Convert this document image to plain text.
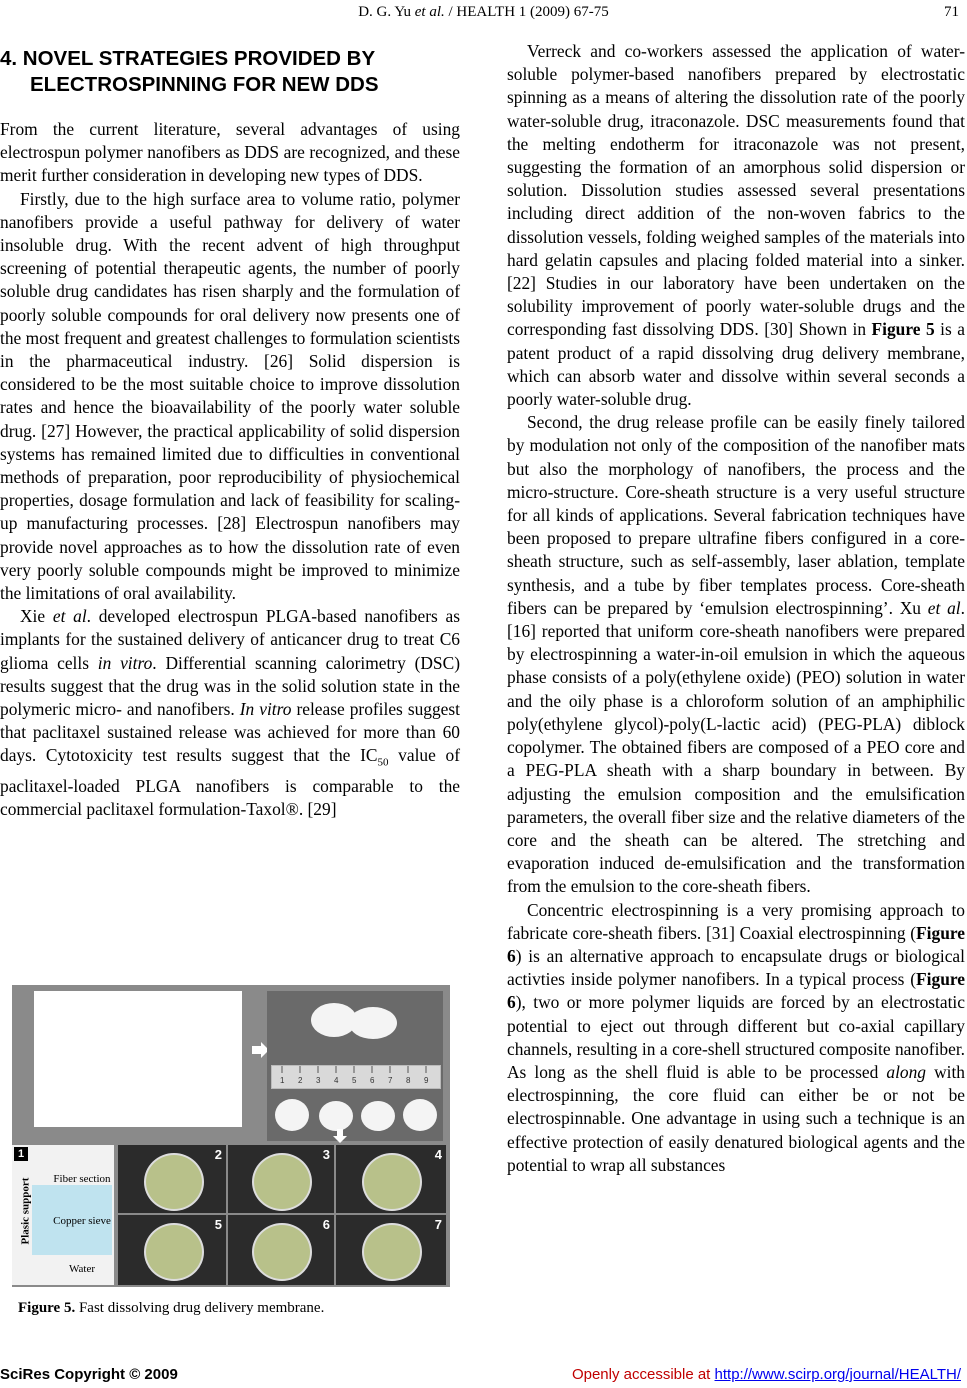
D. G. Yu et al. / HEALTH 1 (2009) 67-75	71
4. NOVEL STRATEGIES PROVIDED BY
ELECTROSPINNING FOR NEW DDS

From the current literature, several advantages of using electrospun polymer nanofibers as DDS are recognized, and these merit further consideration in developing new types of DDS.

Firstly, due to the high surface area to volume ratio, polymer nanofibers provide a useful pathway for delivery of water insoluble drug. With the recent advent of high throughput screening of potential therapeutic agents, the number of poorly soluble drug candidates has risen sharply and the formulation of poorly soluble compounds for oral delivery now presents one of the most frequent and greatest challenges to formulation scientists in the pharmaceutical industry. [26] Solid dispersion is considered to be the most suitable choice to improve dissolution rates and hence the bioavailability of the poorly water soluble drug. [27] However, the practical applicability of solid dispersion systems has remained limited due to difficulties in conventional methods of preparation, poor reproducibility of physiochemical properties, dosage formulation and lack of feasibility for scaling-up manufacturing processes. [28] Electrospun nanofibers may provide novel approaches as to how the dissolution rate of even very poorly soluble compounds might be improved to minimize the limitations of oral availability.

Xie et al. developed electrospun PLGA-based nanofibers as implants for the sustained delivery of anticancer drug to treat C6 glioma cells in vitro. Differential scanning calorimetry (DSC) results suggest that the drug was in the solid solution state in the polymeric micro- and nanofibers. In vitro release profiles suggest that paclitaxel sustained release was achieved for more than 60 days. Cytotoxicity test results suggest that the $IC_{50}$ value of paclitaxel-loaded PLGA nanofibers is comparable to the commercial paclitaxel formulation-Taxol®. [29]

Verreck and co-workers assessed the application of water-soluble polymer-based nanofibers prepared by electrostatic spinning as a means of altering the dissolution rate of the poorly water-soluble drug, itraconazole. DSC measurements found that the melting endotherm for itraconazole was not present, suggesting the formation of an amorphous solid dispersion or solution. Dissolution studies assessed several presentations including direct addition of the non-woven fabrics to the dissolution vessels, folding weighed samples of the materials into hard gelatin capsules and placing folded material into a sinker. [22] Studies in our laboratory have been undertaken on the solubility improvement of poorly water-soluble drugs and the corresponding fast dissolving DDS. [30] Shown in Figure 5 is a patent product of a rapid dissolving drug delivery membrane, which can absorb water and dissolve within several seconds a poorly water-soluble drug.

Second, the drug release profile can be easily finely tailored by modulation not only of the composition of the nanofiber mats but also the morphology of nanofibers, the process and the micro-structure. Core-sheath structure is a very useful structure for all kinds of applications. Several fabrication techniques have been proposed to prepare ultrafine fibers configured in a core-sheath structure, such as self-assembly, laser ablation, template synthesis, and a tube by fiber templates process. Core-sheath fibers can be prepared by ‘emulsion electrospinning’. Xu et al. [16] reported that uniform core-sheath nanofibers were prepared by electrospinning a water-in-oil emulsion in which the aqueous phase consists of a poly(ethylene oxide) (PEO) solution in water and the oily phase is a chloroform solution of an amphiphilic poly(ethylene glycol)-poly(L-lactic acid) (PEG-PLA) diblock copolymer. The obtained fibers are composed of a PEO core and a PEG-PLA sheath with a sharp boundary in between. By adjusting the emulsion composition and the emulsification parameters, the overall fiber size and the relative diameters of the core and the sheath can be altered. The stretching and evaporation induced de-emulsification and the transformation from the emulsion to the core-sheath fibers.

Concentric electrospinning is a very promising approach to fabricate core-sheath fibers. [31] Coaxial electrospinning (Figure 6) is an alternative approach to encapsulate drugs or biological activties inside polymer nanofibers. In a typical process (Figure 6), two or more polymer liquids are forced by an electrostatic potential to eject out through different but co-axial capillary channels, resulting in a core-shell structured composite nanofiber. As long as the shell fluid is able to be processed along with electrospinning, the core fluid can either be or not be electrospinnable. One advantage in using such a technique is an effective protection of easily denatured biological agents and the potential to wrap all substances

1 2 3 4 5 6 7 8 9
1
Plasic support Fiber section
Copper sieve
Water
2	3	4
5	6	7
Figure 5. Fast dissolving drug delivery membrane.
SciRes Copyright © 2009	Openly accessible at http://www.scirp.org/journal/HEALTH/
